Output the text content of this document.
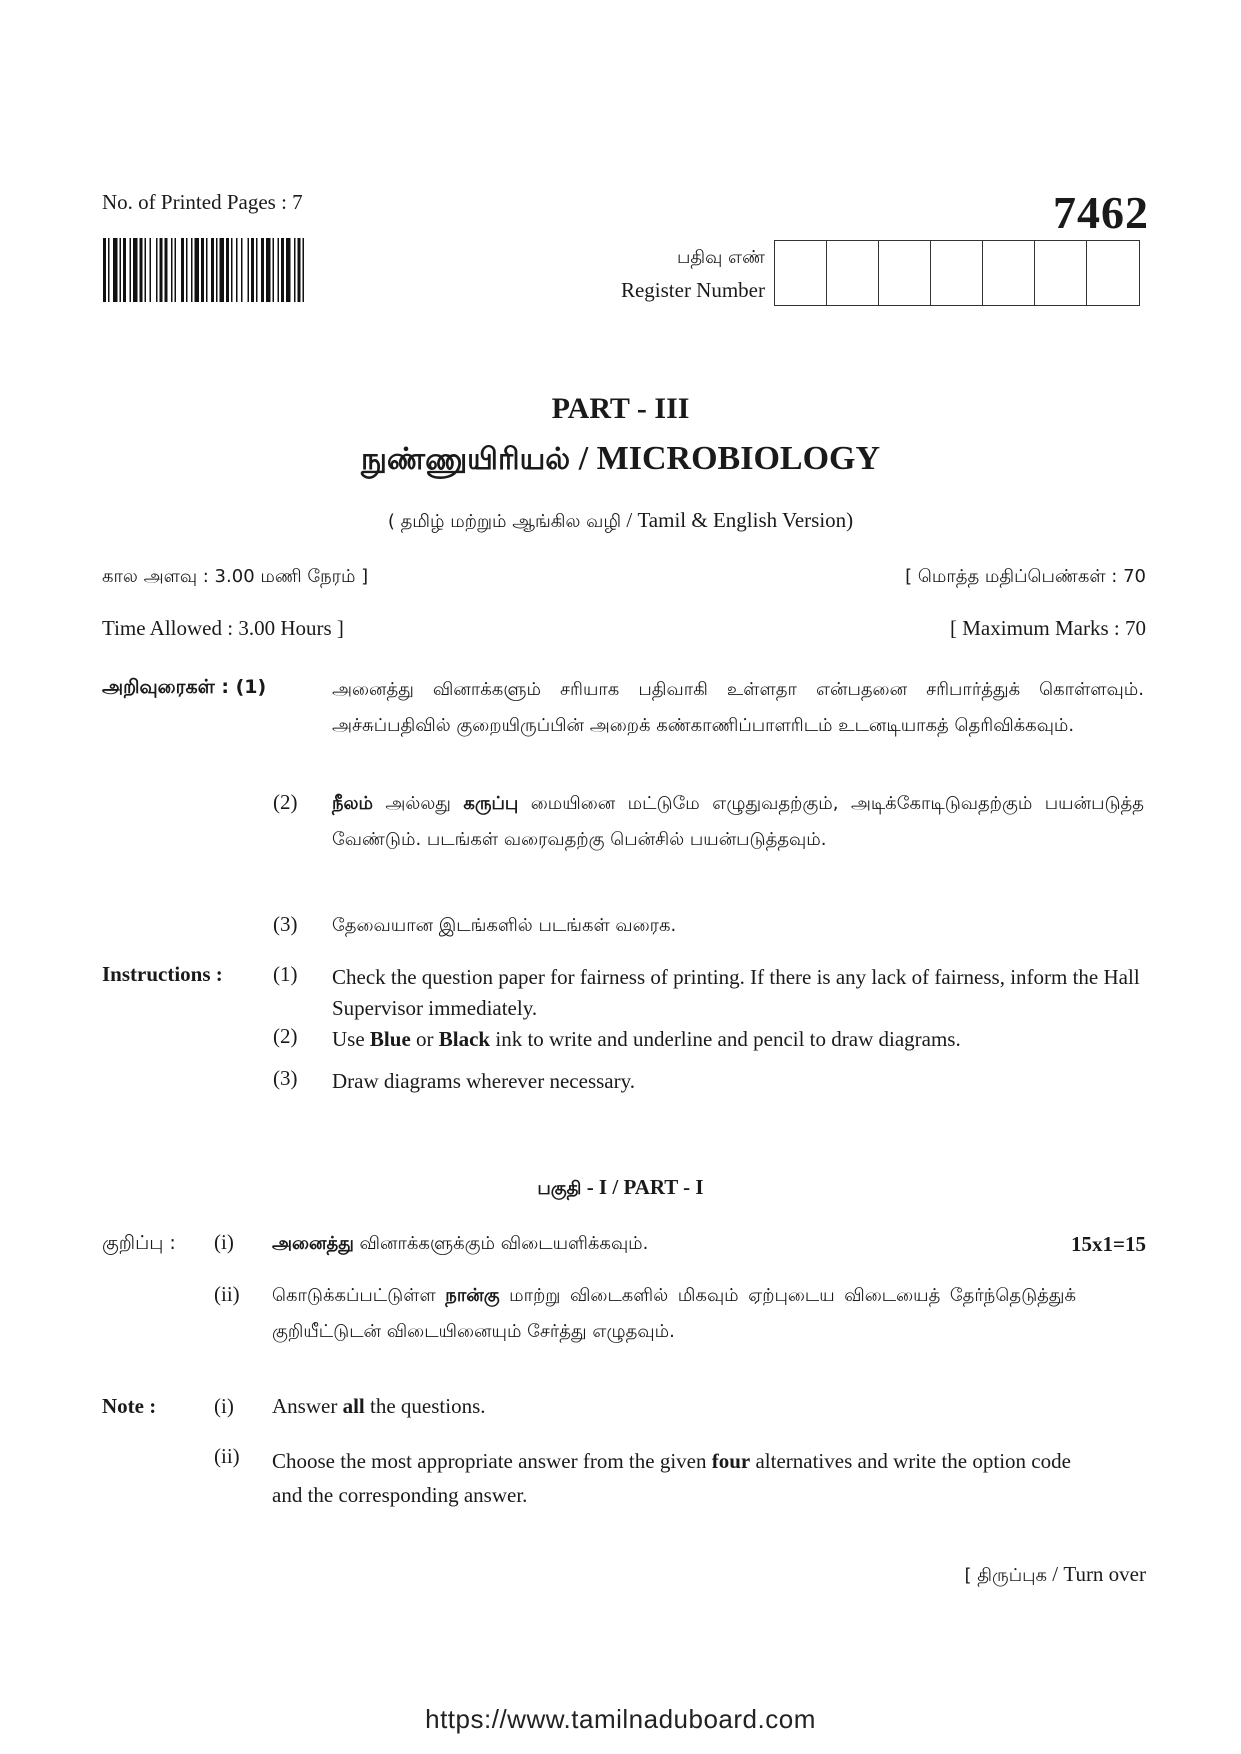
No. of Printed Pages : 7	7462
பதிவு எண்
Register Number
PART - III
நுண்ணுயிரியல் / MICROBIOLOGY
( தமிழ் மற்றும் ஆங்கில வழி / Tamil & English Version)
கால அளவு : 3.00 மணி நேரம் ]	[ மொத்த மதிப்பெண்கள் : 70
Time Allowed : 3.00 Hours ]	[ Maximum Marks : 70
அறிவுரைகள் : (1)	அனைத்து வினாக்களும் சரியாக பதிவாகி உள்ளதா என்பதனை சரிபார்த்துக் கொள்ளவும். அச்சுப்பதிவில் குறையிருப்பின் அறைக் கண்காணிப்பாளரிடம் உடனடியாகத் தெரிவிக்கவும்.
(2) நீலம் அல்லது கருப்பு மையினை மட்டுமே எழுதுவதற்கும், அடிக்கோடிடுவதற்கும் பயன்படுத்த வேண்டும். படங்கள் வரைவதற்கு பென்சில் பயன்படுத்தவும்.
(3) தேவையான இடங்களில் படங்கள் வரைக.
Instructions : (1) Check the question paper for fairness of printing. If there is any lack of fairness, inform the Hall Supervisor immediately.
(2) Use Blue or Black ink to write and underline and pencil to draw diagrams.
(3) Draw diagrams wherever necessary.
பகுதி - I / PART - I
குறிப்பு : (i) அனைத்து வினாக்களுக்கும் விடையளிக்கவும்.	15x1=15
(ii) கொடுக்கப்பட்டுள்ள நான்கு மாற்று விடைகளில் மிகவும் ஏற்புடைய விடையைத் தேர்ந்தெடுத்துக் குறியீட்டுடன் விடையினையும் சேர்த்து எழுதவும்.
Note :	(i) Answer all the questions.
(ii) Choose the most appropriate answer from the given four alternatives and write the option code and the corresponding answer.
[ திருப்புக / Turn over
https://www.tamilnaduboard.com
